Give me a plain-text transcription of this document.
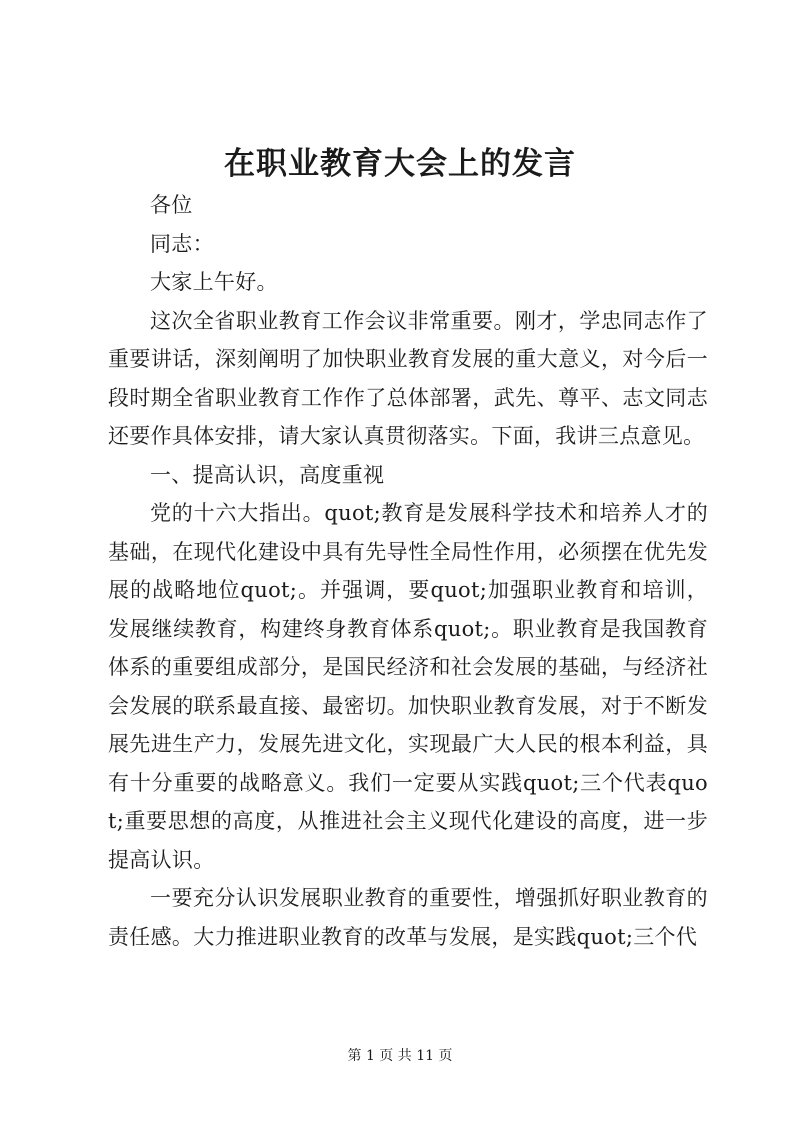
在职业教育大会上的发言

各位

同志：

大家上午好。

这次全省职业教育工作会议非常重要。刚才，学忠同志作了重要讲话，深刻阐明了加快职业教育发展的重大意义，对今后一段时期全省职业教育工作作了总体部署，武先、尊平、志文同志还要作具体安排，请大家认真贯彻落实。下面，我讲三点意见。

一、提高认识，高度重视

党的十六大指出。quot;教育是发展科学技术和培养人才的基础，在现代化建设中具有先导性全局性作用，必须摆在优先发展的战略地位quot;。并强调，要quot;加强职业教育和培训，发展继续教育，构建终身教育体系quot;。职业教育是我国教育体系的重要组成部分，是国民经济和社会发展的基础，与经济社会发展的联系最直接、最密切。加快职业教育发展，对于不断发展先进生产力，发展先进文化，实现最广大人民的根本利益，具有十分重要的战略意义。我们一定要从实践quot;三个代表quot;重要思想的高度，从推进社会主义现代化建设的高度，进一步提高认识。

一要充分认识发展职业教育的重要性，增强抓好职业教育的责任感。大力推进职业教育的改革与发展，是实践quot;三个代

第 1 页 共 11 页
